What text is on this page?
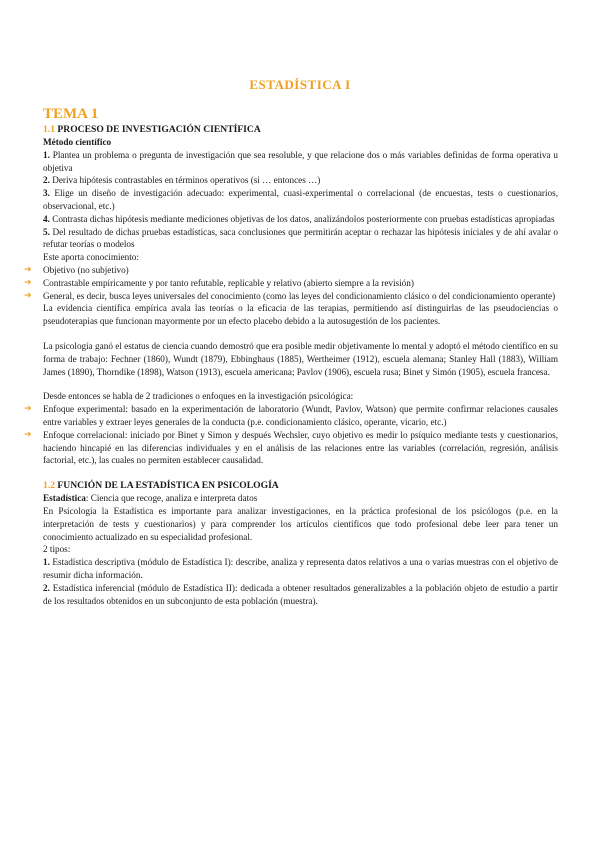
ESTADÍSTICA I
TEMA 1
1.1 PROCESO DE INVESTIGACIÓN CIENTÍFICA
Método científico

1. Plantea un problema o pregunta de investigación que sea resoluble, y que relacione dos o más variables definidas de forma operativa u objetiva

2. Deriva hipótesis contrastables en términos operativos (si … entonces …)

3. Elige un diseño de investigación adecuado: experimental, cuasi-experimental o correlacional (de encuestas, tests o cuestionarios, observacional, etc.)

4. Contrasta dichas hipótesis mediante mediciones objetivas de los datos, analizándolos posteriormente con pruebas estadísticas apropiadas

5. Del resultado de dichas pruebas estadísticas, saca conclusiones que permitirán aceptar o rechazar las hipótesis iniciales y de ahí avalar o refutar teorías o modelos

Este aporta conocimiento:

➔ Objetivo (no subjetivo)

➔ Contrastable empíricamente y por tanto refutable, replicable y relativo (abierto siempre a la revisión)

➔ General, es decir, busca leyes universales del conocimiento (como las leyes del condicionamiento clásico o del condicionamiento operante)

La evidencia científica empírica avala las teorías o la eficacia de las terapias, permitiendo así distinguirlas de las pseudociencias o pseudoterapias que funcionan mayormente por un efecto placebo debido a la autosugestión de los pacientes.

La psicología ganó el estatus de ciencia cuando demostró que era posible medir objetivamente lo mental y adoptó el método científico en su forma de trabajo: Fechner (1860), Wundt (1879), Ebbinghaus (1885), Wertheimer (1912), escuela alemana; Stanley Hall (1883), William James (1890), Thorndike (1898), Watson (1913), escuela americana; Pavlov (1906), escuela rusa; Binet y Simón (1905), escuela francesa.

Desde entonces se habla de 2 tradiciones o enfoques en la investigación psicológica:

➔ Enfoque experimental: basado en la experimentación de laboratorio (Wundt, Pavlov, Watson) que permite confirmar relaciones causales entre variables y extraer leyes generales de la conducta (p.e. condicionamiento clásico, operante, vicario, etc.)

➔ Enfoque correlacional: iniciado por Binet y Simon y después Wechsler, cuyo objetivo es medir lo psíquico mediante tests y cuestionarios, haciendo hincapié en las diferencias individuales y en el análisis de las relaciones entre las variables (correlación, regresión, análisis factorial, etc.), las cuales no permiten establecer causalidad.

1.2 FUNCIÓN DE LA ESTADÍSTICA EN PSICOLOGÍA

Estadística: Ciencia que recoge, analiza e interpreta datos

En Psicología la Estadística es importante para analizar investigaciones, en la práctica profesional de los psicólogos (p.e. en la interpretación de tests y cuestionarios) y para comprender los artículos científicos que todo profesional debe leer para tener un conocimiento actualizado en su especialidad profesional.

2 tipos:

1. Estadística descriptiva (módulo de Estadística I): describe, analiza y representa datos relativos a una o varias muestras con el objetivo de resumir dicha información.

2. Estadística inferencial (módulo de Estadística II): dedicada a obtener resultados generalizables a la población objeto de estudio a partir de los resultados obtenidos en un subconjunto de esta población (muestra).
